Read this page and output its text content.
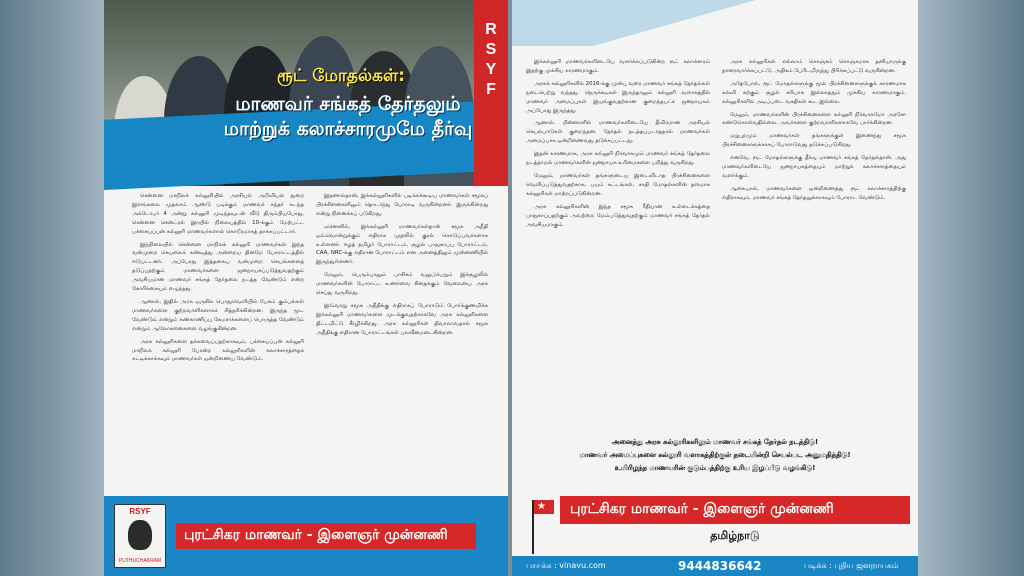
ரூட் மோதல்கள்:
மாணவர் சங்கத் தேர்தலும்
மாற்றுக் கலாச்சாரமுமே தீர்வு
R
S
Y
F

சென்னை மாநிலக் கல்லூரியில் அரசியல் அறிவியல் துறை இளங்கலை முதலாம் ஆண்டு படிக்கும் மாணவர் சுந்தர் கடந்த அக்டோபர் 4 அன்று கல்லூரி முடிந்தவுடன் வீடு திரும்பியபோது, சென்னை சென்ட்ரல் இரயில் நிலையத்தில் 10-க்கும் மேற்பட்ட பச்சையப்பன் கல்லூரி மாணவர்களால் கொடூரமாகத் தாக்கப்பட்டார்.

இந்நிலையில் சென்னை மாநிலக் கல்லூரி மாணவர்கள் இந்த வன்முறை செயலைக் கண்டித்து அன்றைய தினமே போராட்டத்தில் ஈடுபட்டனர். அப்போது இத்தகைய வன்முறை செயல்களைத் தடுப்பதற்கும் மாணவர்களை ஜனநாயகப்படுத்துவதற்கும் அவசியமான மாணவர் சங்கத் தேர்தலை நடத்த வேண்டும் என்ற கோரிக்கையும் எழுந்தது.

ஆனால், இதில் அரசு ஒருசில பொதுவெளியில் பேசும் கும்பல்கள் மாணவர்களை குற்றவாளிகளாகச் சித்தரிக்கின்றன. இருந்த மூட வேண்டும் என்றும் கண்காணிப்பு கேமராக்களைப் பொருத்த வேண்டும் என்றும் ஆலோசனைகளை வழங்குகின்றன.

அரசு கல்லூரிகளை தக்கவைப்பதற்காகவும், பச்சையப்பன் கல்லூரி மாநிலக் கல்லூரி போன்ற கல்லூரிகளின் கலாச்சாரத்தைக் கட்டிக்காக்கவும் மாணவர்கள் ஒன்றிணைய வேண்டும்.

இதனால்தான், இக்கல்லூரிகளில் படிக்கக்கூடிய மாணவர்கள் சமூகப் பிரச்சினைகளிலும் தொடர்ந்து போராடி வருகின்றனர். இருக்கின்றது என்று நினைக்கப் படுகிறது.

ஏனெனில், இக்கல்லூரி மாணவர்கள்தான் சமூக அநீதி ஒவ்வொன்றுக்கும் எதிராக முதலில் குரல் கொடுப்பவர்களாக உள்ளனர். ஈழத் தமிழர் போராட்டம், சூழல் பாதுகாப்பு போராட்டம், CAA, NRC-க்கு எதிரான போராட்டம் என அனைத்திலும் முன்னணியில் இருந்துள்ளனர்.

மேலும், பெரும்பாலும் பாசிசம் வலுப்பெறும் இச்சூழலில் மாணவர்களின் போராட்ட உணர்வை சிதைக்கும் வேலையை அரசு செய்து வருகிறது.

இவ்வாறு சமூக அநீதிக்கு எதிராகப் போராடும் போர்க்குணமிக்க இக்கல்லூரி மாணவர்களை முடக்குவதற்காகவே அரசு கல்லூரிகளை திட்டமிட்டு சீரழிக்கிறது. அரசு கல்லூரிகள் திவாலாவதால் சமூக அநீதிக்கு எதிரான போராட்டங்கள் பலவீனமடைகின்றன.

RSYF
PUTHUCHAKRAM
புரட்சிகர மாணவர் - இளைஞர் முன்னணி

இக்கல்லூரி மாணவர்களிடையே வளர்க்கப்படுகின்ற ரூட் கலாச்சாரம் இதற்கு முக்கிய காரணமாகும்.

அரசுக் கல்லூரிகளில் 2016-க்கு முன்பு வரை மாணவர் சங்கத் தேர்தல்கள் நடைபெற்று வந்தது. நெருக்கடிகள் இருந்தாலும் கல்லூரி வளாகத்தில் மாணவர் அமைப்புகள் இயங்குவதற்கான குறைந்தபட்ச ஜனநாயகம் அப்போது இருந்தது.

ஆனால், பின்னாளில் மாணவர்களிடையே தீவிரமான அரசியல் செயல்பாடுகள் குறைந்தன. தேர்தல் நடத்தப்படாததால் மாணவர்கள் அமைப்பாக ஒன்றிணைவது தடுக்கப்பட்டது.

இதன் காரணமாக, அரசு கல்லூரி நிர்வாகமும் மாணவர் சங்கத் தேர்தலை நடத்தாமல் மாணவர்களின் ஜனநாயக உரிமைகளை பறித்து வருகிறது.

மேலும், மாணவர்கள் தங்களுடைய இடைவிடாத பிரச்சினைகளை வெளிப்படுத்துவதற்காக, பயம் கட்டங்கள், சாதி மோதல்களின் தளமாக கல்லூரிகள் மாற்றப்படுகின்றன.

அரசு கல்லூரிகளின் இந்த சமூக ரீதியான உள்ளடக்கத்தை பாதுகாப்பதற்கும் அவற்றை மேம்படுத்துவதற்கும் மாணவர் சங்கத் தேர்தல் அவசியமாகும்.

அரசு கல்லூரிகள் எல்லாம் கொஞ்சம் கொஞ்சமாக தனியாருக்கு தாரைவார்க்கப்பட்டு, அதிகம் பேரிடமிருந்து பிரிக்கப்பட்டு வருகின்றன.

அதேபோல், ரூட் மோதல்களுக்கு மூல பிரச்சினைகளுக்குக் காரணமாக கல்வி கற்கும் சூழல் சரியாக இல்லாததும் முக்கிய காரணமாகும். கல்லூரிகளில் அடிப்படை வசதிகள் கூட இல்லை.

மேலும், மாணவர்களின் பிரச்சினைகளை கல்லூரி நிர்வாகமோ அரசோ கண்டுகொள்வதில்லை. அவர்களை குற்றவாளிகளாகவே பார்க்கின்றன.

மறுபுறமும் மாணவர்கள் தங்களுக்குள் இணைந்து சமூக பிரச்சினைகளுக்காகப் போராடுவது தடுக்கப்படுகிறது.

எனவே, ரூட் மோதல்களுக்கு தீர்வு மாணவர் சங்கத் தேர்தல்தான். அது மாணவர்களிடையே ஜனநாயகத்தையும் மாற்றுக் கலாச்சாரத்தையும் வளர்க்கும்.

ஆகையால், மாணவர்களை ஒன்றிணைத்து ரூட் கலாச்சாரத்திற்கு எதிராகவும், மாணவர் சங்கத் தேர்தலுக்காகவும் போராட வேண்டும்.

அனைத்து அரசு கல்லூரிகளிலும் மாணவர் சங்கத் தேர்தல் நடத்திடு!
மாணவர் அமைப்புகளை கல்லூரி வளாகத்திற்குள் தடையின்றி செயல்பட அனுமதித்திடு!
உயிரிழந்த மாணவரின் குடும்பத்திற்கு உரிய இழப்பீடு வழங்கிடு!
★ புரட்சிகர மாணவர் - இளைஞர் முன்னணி
தமிழ்நாடு
பாா்க்க : vinavu.com	9444836642	படிக்க : புதிய ஜனநாயகம்
